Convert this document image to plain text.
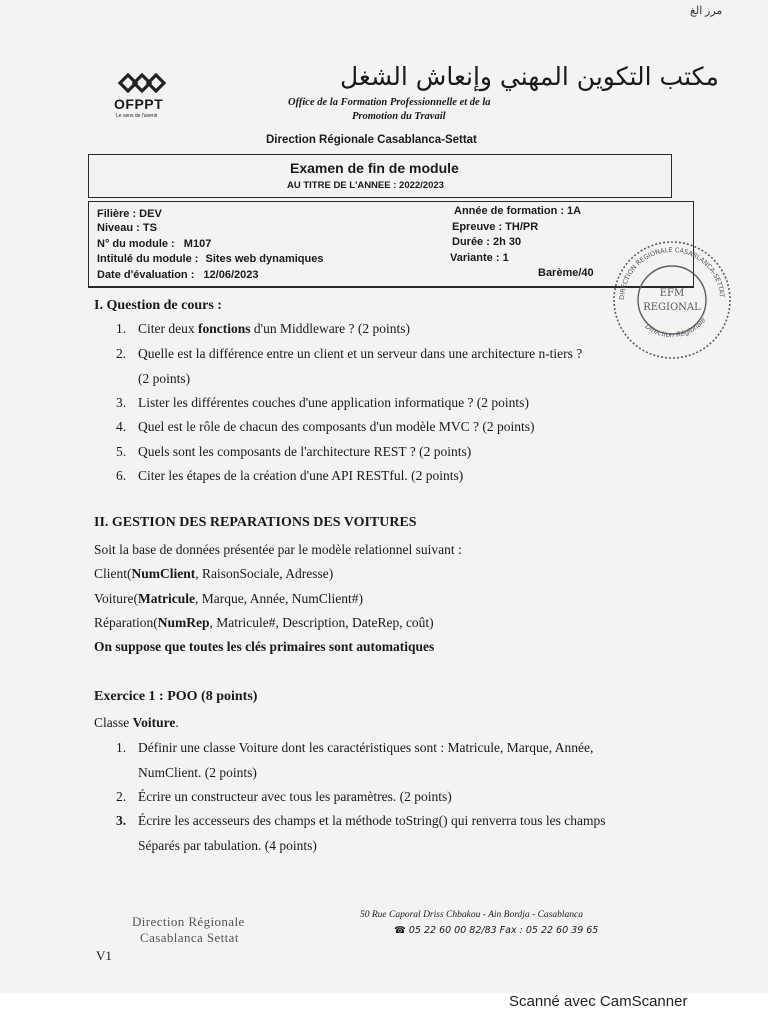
مرز الغ
OFPPT
Le sens de l'avenir
مكتب التكوين المهني وإنعاش الشغل
Office de la Formation Professionnelle et de la
Promotion du Travail
Direction Régionale Casablanca-Settat
Examen de fin de module
AU TITRE DE L'ANNEE : 2022/2023
Filière : DEV
Niveau : TS
N° du module : M107
Intitulé du module : Sites web dynamiques
Date d'évaluation : 12/06/2023
Année de formation : 1A
Epreuve : TH/PR
Durée : 2h 30
Variante : 1
Barème/40
DIRECTION REGIONALE CASABLANCA-SETTAT
Direction Régionale
EFM
REGIONAL
I. Question de cours :
1. Citer deux fonctions d'un Middleware ? (2 points)
2. Quelle est la différence entre un client et un serveur dans une architecture n-tiers ?
(2 points)
3. Lister les différentes couches d'une application informatique ? (2 points)
4. Quel est le rôle de chacun des composants d'un modèle MVC ? (2 points)
5. Quels sont les composants de l'architecture REST ? (2 points)
6. Citer les étapes de la création d'une API RESTful. (2 points)
II. GESTION DES REPARATIONS DES VOITURES
Soit la base de données présentée par le modèle relationnel suivant :
Client(NumClient, RaisonSociale, Adresse)
Voiture(Matricule, Marque, Année, NumClient#)
Réparation(NumRep, Matricule#, Description, DateRep, coût)
On suppose que toutes les clés primaires sont automatiques
Exercice 1 : POO (8 points)
Classe Voiture.
1. Définir une classe Voiture dont les caractéristiques sont : Matricule, Marque, Année,
NumClient. (2 points)
2. Écrire un constructeur avec tous les paramètres. (2 points)
3. Écrire les accesseurs des champs et la méthode toString() qui renverra tous les champs
Séparés par tabulation. (4 points)
Direction Régionale
Casablanca Settat
50 Rue Caporal Driss Chbakou - Ain Bordja - Casablanca
☎ 05 22 60 00 82/83 Fax : 05 22 60 39 65
V1
Scanné avec CamScanner
